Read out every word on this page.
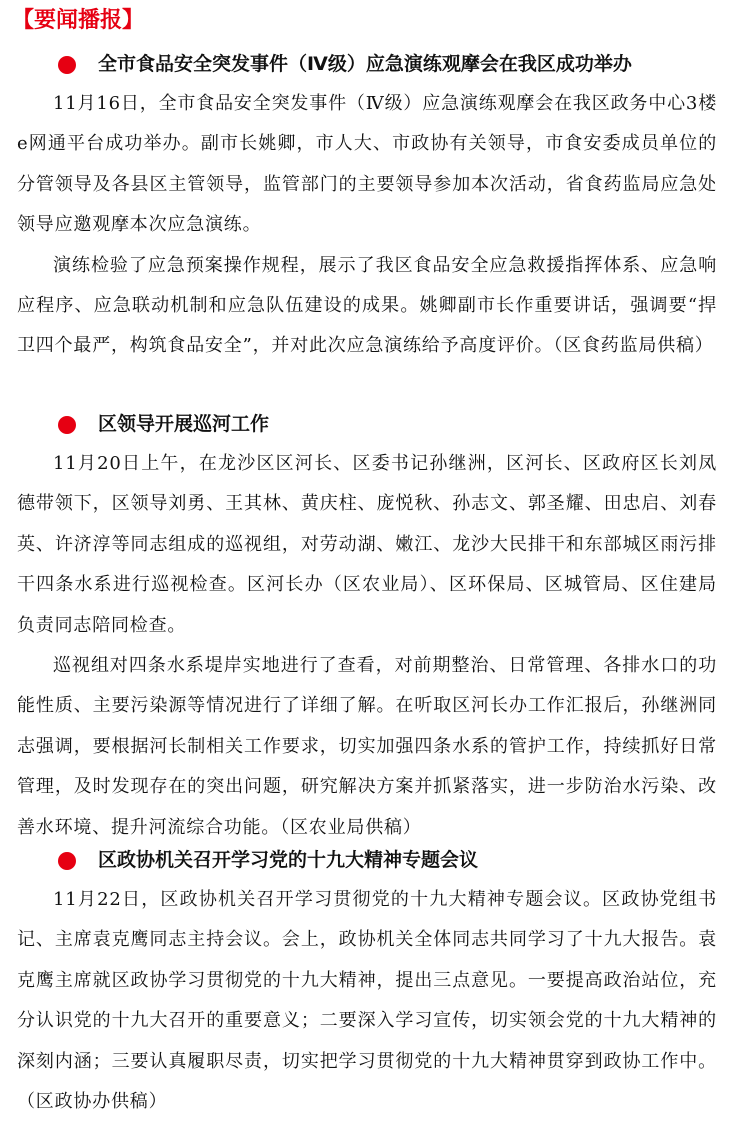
【要闻播报】
全市食品安全突发事件（Ⅳ级）应急演练观摩会在我区成功举办

11月16日，全市食品安全突发事件（Ⅳ级）应急演练观摩会在我区政务中心3楼e网通平台成功举办。副市长姚卿，市人大、市政协有关领导，市食安委成员单位的分管领导及各县区主管领导，监管部门的主要领导参加本次活动，省食药监局应急处领导应邀观摩本次应急演练。

演练检验了应急预案操作规程，展示了我区食品安全应急救援指挥体系、应急响应程序、应急联动机制和应急队伍建设的成果。姚卿副市长作重要讲话，强调要“捍卫四个最严，构筑食品安全”，并对此次应急演练给予高度评价。（区食药监局供稿）

区领导开展巡河工作

11月20日上午，在龙沙区区河长、区委书记孙继洲，区河长、区政府区长刘凤德带领下，区领导刘勇、王其林、黄庆柱、庞悦秋、孙志文、郭圣耀、田忠启、刘春英、许济淳等同志组成的巡视组，对劳动湖、嫩江、龙沙大民排干和东部城区雨污排干四条水系进行巡视检查。区河长办（区农业局）、区环保局、区城管局、区住建局负责同志陪同检查。

巡视组对四条水系堤岸实地进行了查看，对前期整治、日常管理、各排水口的功能性质、主要污染源等情况进行了详细了解。在听取区河长办工作汇报后，孙继洲同志强调，要根据河长制相关工作要求，切实加强四条水系的管护工作，持续抓好日常管理，及时发现存在的突出问题，研究解决方案并抓紧落实，进一步防治水污染、改善水环境、提升河流综合功能。（区农业局供稿）

区政协机关召开学习党的十九大精神专题会议

11月22日，区政协机关召开学习贯彻党的十九大精神专题会议。区政协党组书记、主席袁克鹰同志主持会议。会上，政协机关全体同志共同学习了十九大报告。袁克鹰主席就区政协学习贯彻党的十九大精神，提出三点意见。一要提高政治站位，充分认识党的十九大召开的重要意义；二要深入学习宣传，切实领会党的十九大精神的深刻内涵；三要认真履职尽责，切实把学习贯彻党的十九大精神贯穿到政协工作中。（区政协办供稿）
